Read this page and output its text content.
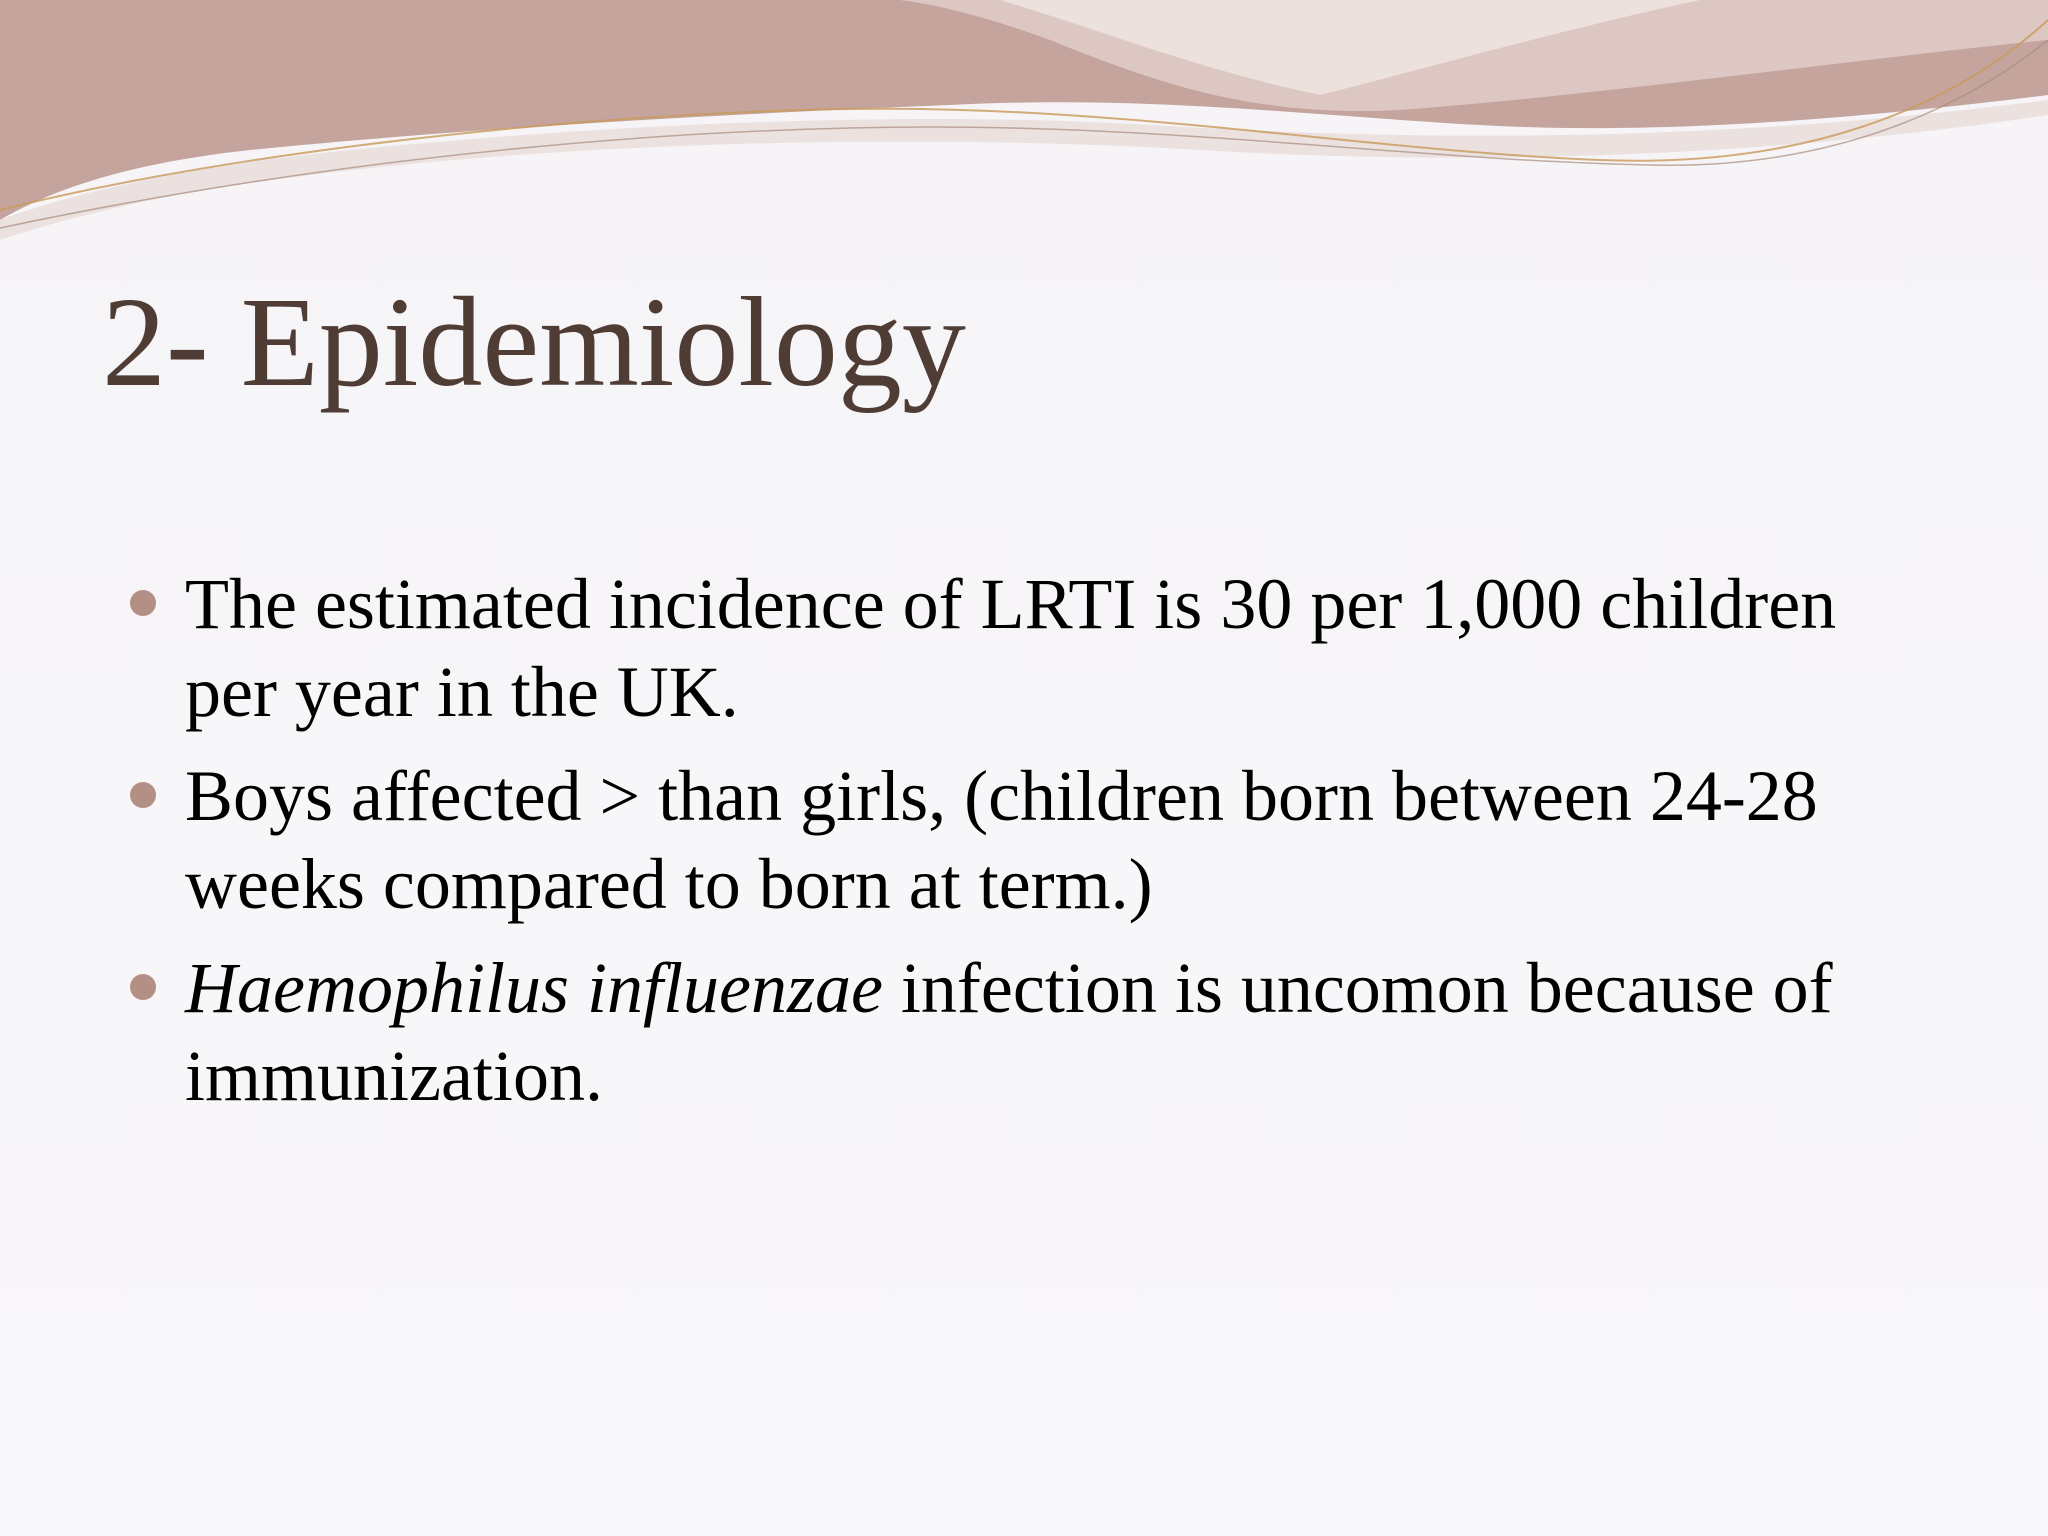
2- Epidemiology
The estimated incidence of LRTI is 30 per 1,000 children per year in the UK.
Boys affected > than girls, (children born between 24-28 weeks compared to born at term.)
Haemophilus influenzae infection is uncomon because of immunization.
